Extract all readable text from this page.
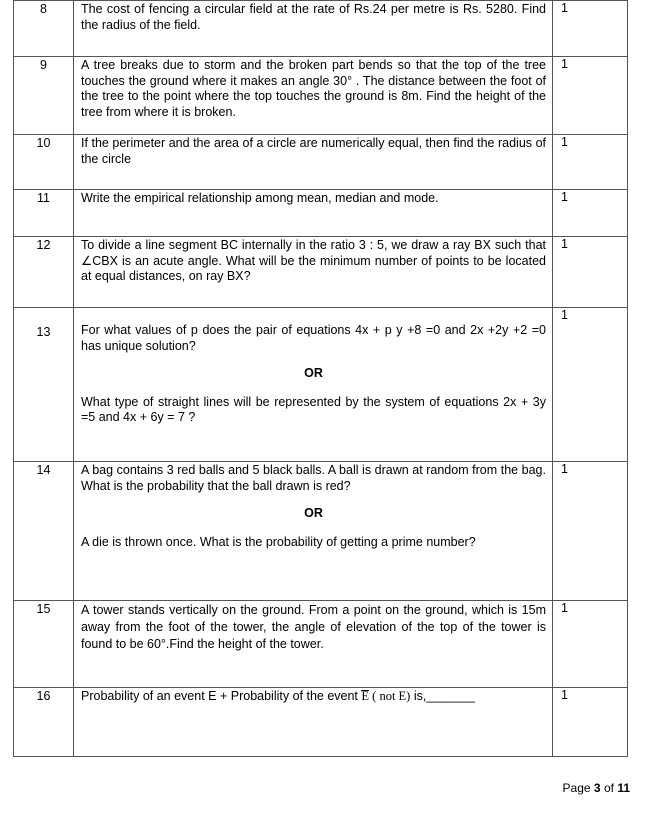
8	The cost of fencing a circular field at the rate of Rs.24 per metre is Rs. 5280. Find the radius of the field.	1

9	A tree breaks due to storm and the broken part bends so that the top of the tree touches the ground where it makes an angle 30° . The distance between the foot of the tree to the point where the top touches the ground is 8m. Find the height of the tree from where it is broken.	1

10	If the perimeter and the area of a circle are numerically equal, then find the radius of the circle	1

11	Write the empirical relationship among mean, median and mode.	1

12	To divide a line segment BC internally in the ratio 3 : 5, we draw a ray BX such that ∠CBX is an acute angle. What will be the minimum number of points to be located at equal distances, on ray BX?	1

13	For what values of p does the pair of equations 4x + p y +8 =0 and 2x +2y +2 =0 has unique solution?
OR
What type of straight lines will be represented by the system of equations 2x + 3y =5 and 4x + 6y = 7 ?	1

14	A bag contains 3 red balls and 5 black balls. A ball is drawn at random from the bag. What is the probability that the ball drawn is red?
OR
A die is thrown once. What is the probability of getting a prime number?	1

15	A tower stands vertically on the ground. From a point on the ground, which is 15m away from the foot of the tower, the angle of elevation of the top of the tower is found to be 60°.Find the height of the tower.	1

16	Probability of an event E + Probability of the event E ( not E) is,_______	1
Page 3 of 11
